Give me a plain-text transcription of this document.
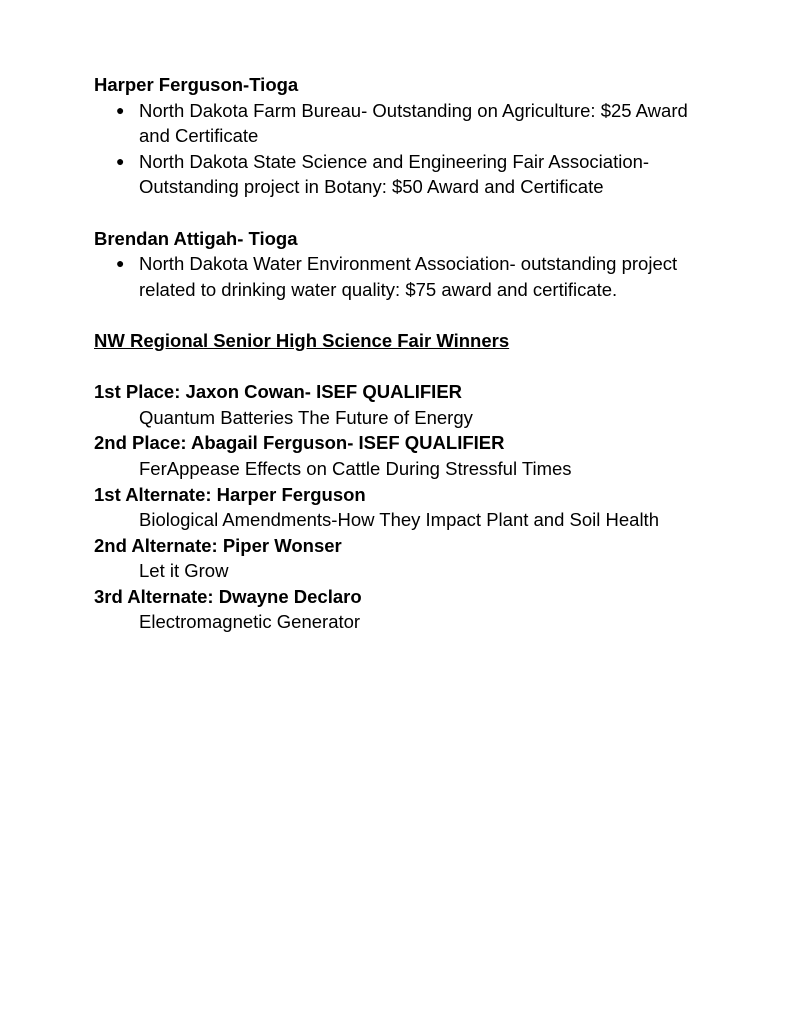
Harper Ferguson-Tioga

● North Dakota Farm Bureau- Outstanding on Agriculture: $25 Award and Certificate
● North Dakota State Science and Engineering Fair Association- Outstanding project in Botany: $50 Award and Certificate

Brendan Attigah- Tioga

● North Dakota Water Environment Association- outstanding project related to drinking water quality: $75 award and certificate.
NW Regional Senior High Science Fair Winners
1st Place: Jaxon Cowan- ISEF QUALIFIER
Quantum Batteries The Future of Energy
2nd Place: Abagail Ferguson- ISEF QUALIFIER
FerAppease Effects on Cattle During Stressful Times
1st Alternate: Harper Ferguson
Biological Amendments-How They Impact Plant and Soil Health
2nd Alternate: Piper Wonser
Let it Grow
3rd Alternate: Dwayne Declaro
Electromagnetic Generator
